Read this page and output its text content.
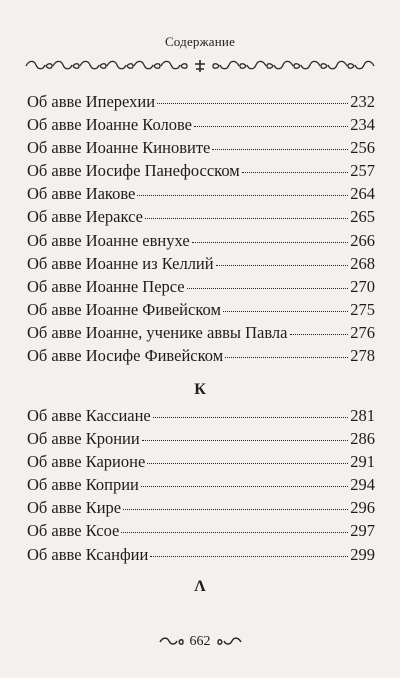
Содержание
Об авве Иперехии	232
Об авве Иоанне Колове	234
Об авве Иоанне Киновите	256
Об авве Иосифе Панефосском	257
Об авве Иакове	264
Об авве Иераксе	265
Об авве Иоанне евнухе	266
Об авве Иоанне из Келлий	268
Об авве Иоанне Персе	270
Об авве Иоанне Фивейском	275
Об авве Иоанне, ученике аввы Павла	276
Об авве Иосифе Фивейском	278
К
Об авве Кассиане	281
Об авве Кронии	286
Об авве Карионе	291
Об авве Коприи	294
Об авве Кире	296
Об авве Ксое	297
Об авве Ксанфии	299
Λ
662
